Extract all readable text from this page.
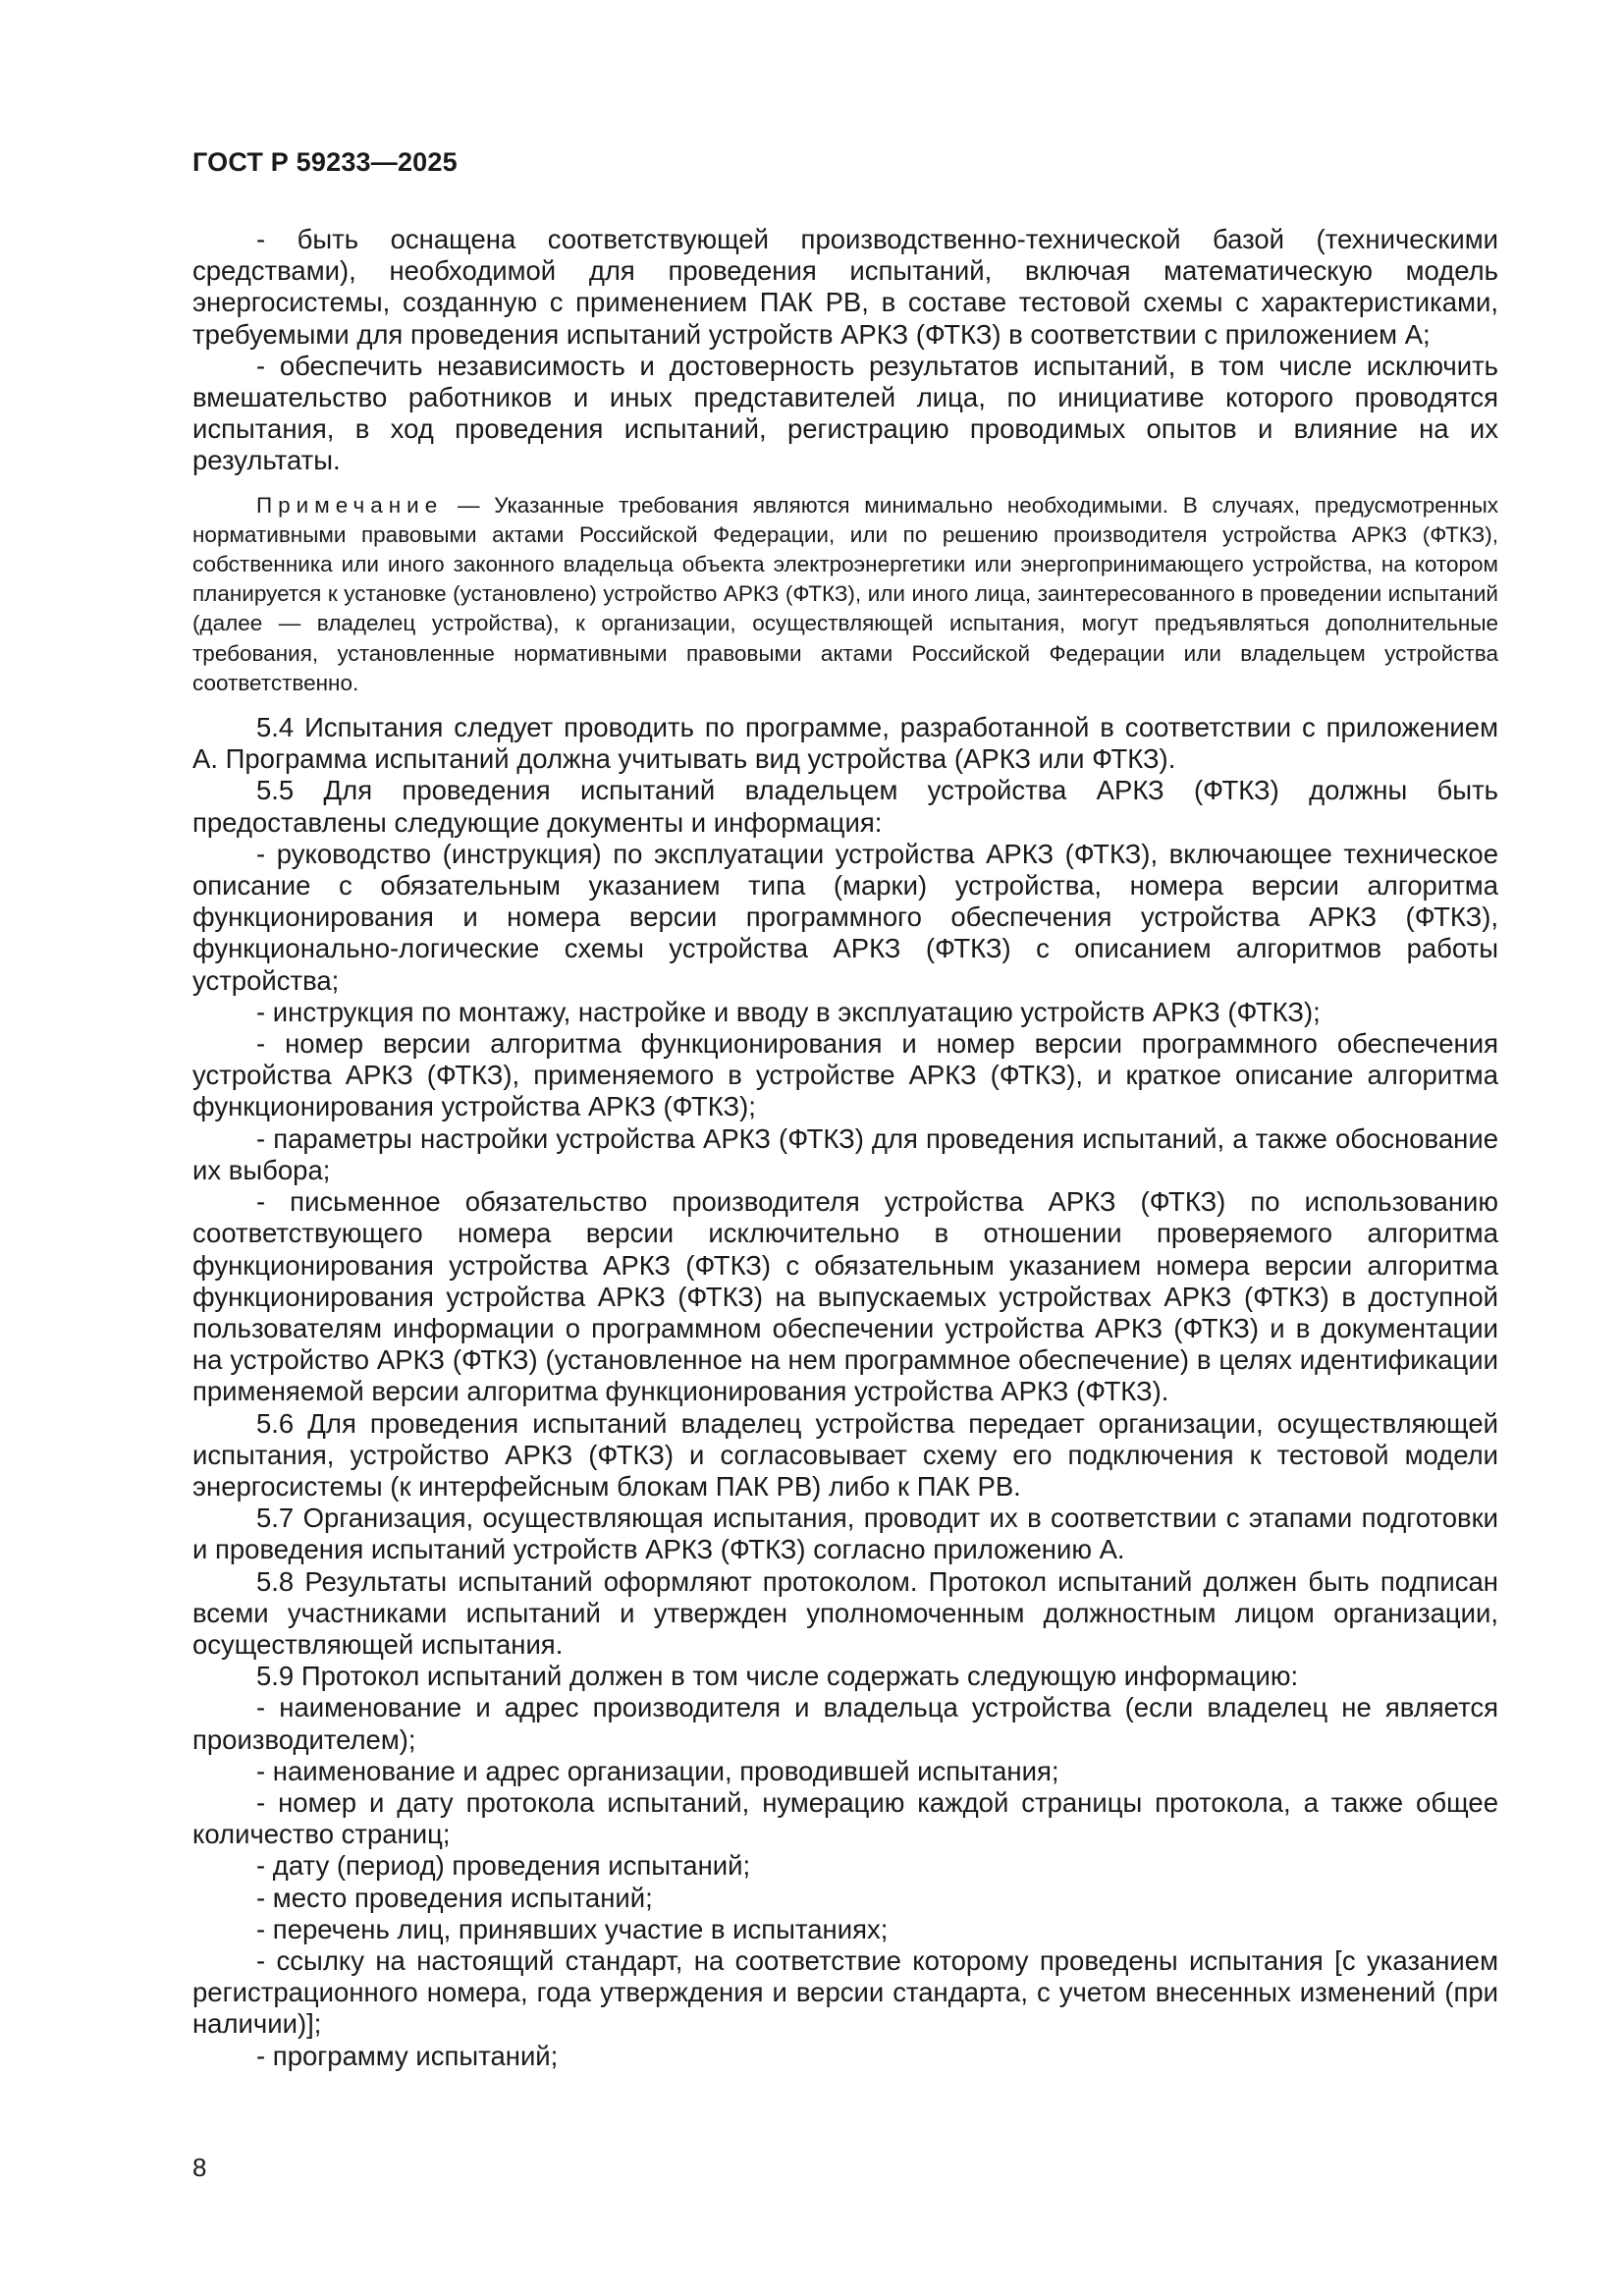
ГОСТ Р 59233—2025

- быть оснащена соответствующей производственно-технической базой (техническими средствами), необходимой для проведения испытаний, включая математическую модель энергосистемы, созданную с применением ПАК РВ, в составе тестовой схемы с характеристиками, требуемыми для проведения испытаний устройств АРКЗ (ФТКЗ) в соответствии с приложением А;

- обеспечить независимость и достоверность результатов испытаний, в том числе исключить вмешательство работников и иных представителей лица, по инициативе которого проводятся испытания, в ход проведения испытаний, регистрацию проводимых опытов и влияние на их результаты.

Примечание — Указанные требования являются минимально необходимыми. В случаях, предусмотренных нормативными правовыми актами Российской Федерации, или по решению производителя устройства АРКЗ (ФТКЗ), собственника или иного законного владельца объекта электроэнергетики или энергопринимающего устройства, на котором планируется к установке (установлено) устройство АРКЗ (ФТКЗ), или иного лица, заинтересованного в проведении испытаний (далее — владелец устройства), к организации, осуществляющей испытания, могут предъявляться дополнительные требования, установленные нормативными правовыми актами Российской Федерации или владельцем устройства соответственно.

5.4 Испытания следует проводить по программе, разработанной в соответствии с приложением А. Программа испытаний должна учитывать вид устройства (АРКЗ или ФТКЗ).

5.5 Для проведения испытаний владельцем устройства АРКЗ (ФТКЗ) должны быть предоставлены следующие документы и информация:

- руководство (инструкция) по эксплуатации устройства АРКЗ (ФТКЗ), включающее техническое описание с обязательным указанием типа (марки) устройства, номера версии алгоритма функционирования и номера версии программного обеспечения устройства АРКЗ (ФТКЗ), функционально-логические схемы устройства АРКЗ (ФТКЗ) с описанием алгоритмов работы устройства;

- инструкция по монтажу, настройке и вводу в эксплуатацию устройств АРКЗ (ФТКЗ);

- номер версии алгоритма функционирования и номер версии программного обеспечения устройства АРКЗ (ФТКЗ), применяемого в устройстве АРКЗ (ФТКЗ), и краткое описание алгоритма функционирования устройства АРКЗ (ФТКЗ);

- параметры настройки устройства АРКЗ (ФТКЗ) для проведения испытаний, а также обоснование их выбора;

- письменное обязательство производителя устройства АРКЗ (ФТКЗ) по использованию соответствующего номера версии исключительно в отношении проверяемого алгоритма функционирования устройства АРКЗ (ФТКЗ) с обязательным указанием номера версии алгоритма функционирования устройства АРКЗ (ФТКЗ) на выпускаемых устройствах АРКЗ (ФТКЗ) в доступной пользователям информации о программном обеспечении устройства АРКЗ (ФТКЗ) и в документации на устройство АРКЗ (ФТКЗ) (установленное на нем программное обеспечение) в целях идентификации применяемой версии алгоритма функционирования устройства АРКЗ (ФТКЗ).

5.6 Для проведения испытаний владелец устройства передает организации, осуществляющей испытания, устройство АРКЗ (ФТКЗ) и согласовывает схему его подключения к тестовой модели энергосистемы (к интерфейсным блокам ПАК РВ) либо к ПАК РВ.

5.7 Организация, осуществляющая испытания, проводит их в соответствии с этапами подготовки и проведения испытаний устройств АРКЗ (ФТКЗ) согласно приложению А.

5.8 Результаты испытаний оформляют протоколом. Протокол испытаний должен быть подписан всеми участниками испытаний и утвержден уполномоченным должностным лицом организации, осуществляющей испытания.

5.9 Протокол испытаний должен в том числе содержать следующую информацию:

- наименование и адрес производителя и владельца устройства (если владелец не является производителем);

- наименование и адрес организации, проводившей испытания;

- номер и дату протокола испытаний, нумерацию каждой страницы протокола, а также общее количество страниц;

- дату (период) проведения испытаний;

- место проведения испытаний;

- перечень лиц, принявших участие в испытаниях;

- ссылку на настоящий стандарт, на соответствие которому проведены испытания [с указанием регистрационного номера, года утверждения и версии стандарта, с учетом внесенных изменений (при наличии)];

- программу испытаний;

8
